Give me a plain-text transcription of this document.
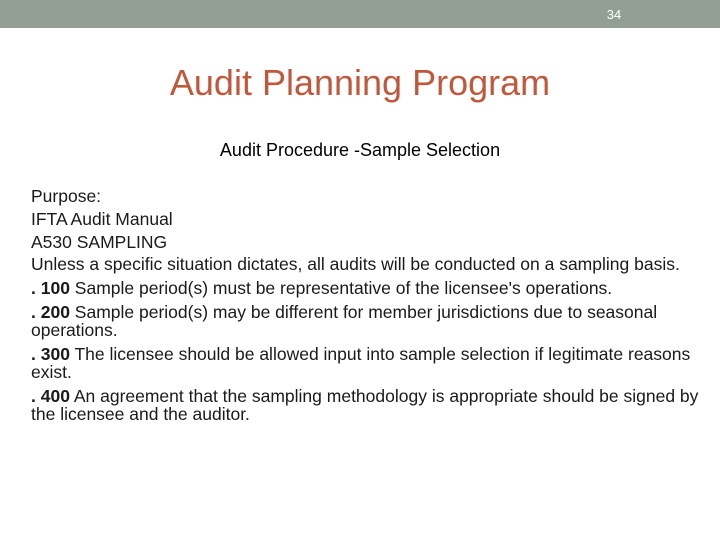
34
Audit Planning Program
Audit Procedure -Sample Selection
Purpose:
IFTA Audit Manual
A530 SAMPLING
Unless a specific situation dictates, all audits will be conducted on a sampling basis.
. 100 Sample period(s) must be representative of the licensee's operations.
. 200 Sample period(s) may be different for member jurisdictions due to seasonal operations.
. 300 The licensee should be allowed input into sample selection if legitimate reasons exist.
. 400 An agreement that the sampling methodology is appropriate should be signed by the licensee and the auditor.
